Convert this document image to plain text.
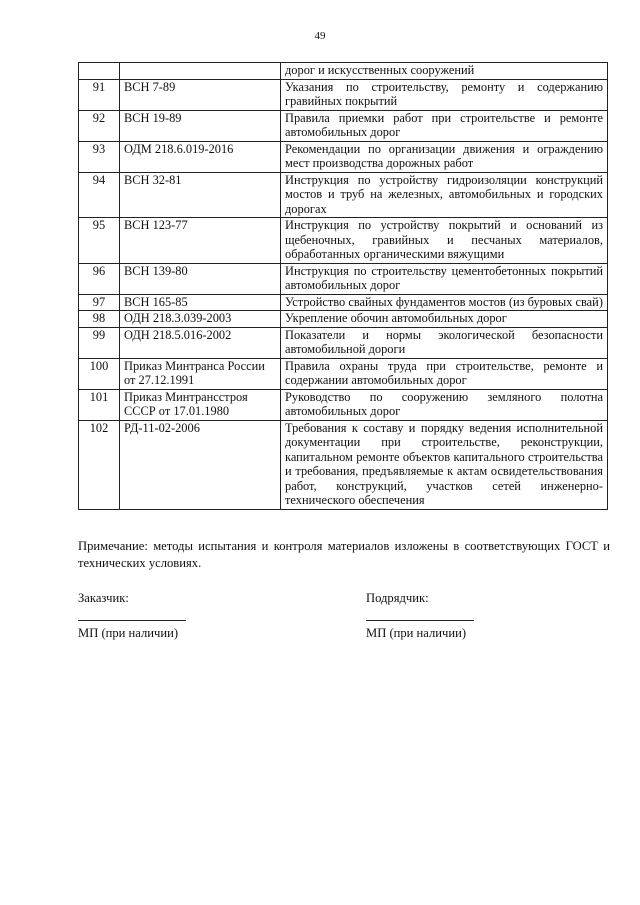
49
		дорог и искусственных сооружений
91	ВСН 7-89	Указания по строительству, ремонту и содержанию гравийных покрытий
92	ВСН 19-89	Правила приемки работ при строительстве и ремонте автомобильных дорог
93	ОДМ 218.6.019-2016	Рекомендации по организации движения и ограждению мест производства дорожных работ
94	ВСН 32-81	Инструкция по устройству гидроизоляции конструкций мостов и труб на железных, автомобильных и городских дорогах
95	ВСН 123-77	Инструкция по устройству покрытий и оснований из щебеночных, гравийных и песчаных материалов, обработанных органическими вяжущими
96	ВСН 139-80	Инструкция по строительству цементобетонных покрытий автомобильных дорог
97	ВСН 165-85	Устройство свайных фундаментов мостов (из буровых свай)
98	ОДН 218.3.039-2003	Укрепление обочин автомобильных дорог
99	ОДН 218.5.016-2002	Показатели и нормы экологической безопасности автомобильной дороги
100	Приказ Минтранса России от 27.12.1991	Правила охраны труда при строительстве, ремонте и содержании автомобильных дорог
101	Приказ Минтрансстроя СССР от 17.01.1980	Руководство по сооружению земляного полотна автомобильных дорог
102	РД-11-02-2006	Требования к составу и порядку ведения исполнительной документации при строительстве, реконструкции, капитальном ремонте объектов капитального строительства и требования, предъявляемые к актам освидетельствования работ, конструкций, участков сетей инженерно-технического обеспечения
Примечание: методы испытания и контроля материалов изложены в соответствующих ГОСТ и технических условиях.
Заказчик:
МП (при наличии)
Подрядчик:
МП (при наличии)
